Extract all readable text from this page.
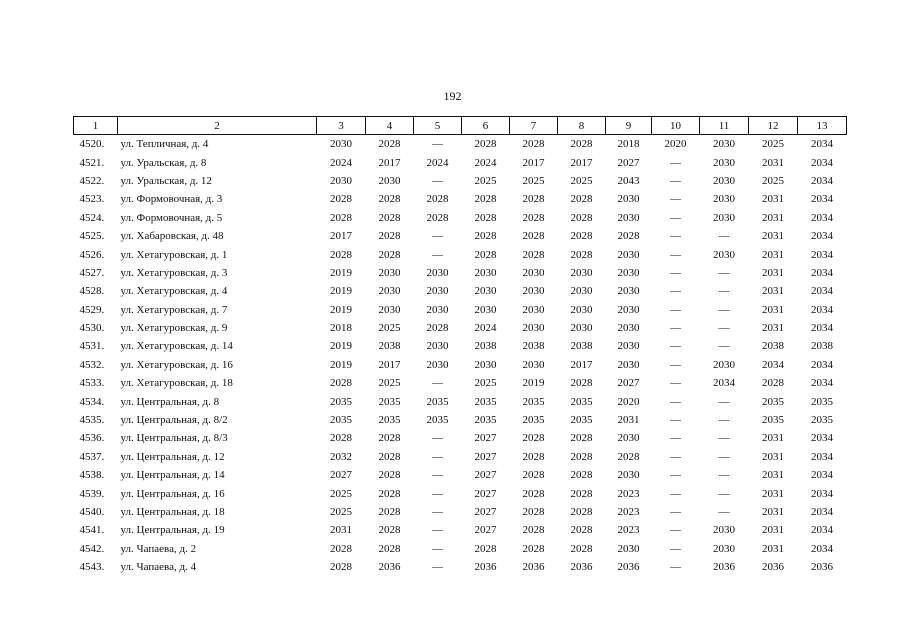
192
1	2	3	4	5	6	7	8	9	10	11	12	13
4520.	ул. Тепличная, д. 4	2030	2028	—	2028	2028	2028	2018	2020	2030	2025	2034
4521.	ул. Уральская, д. 8	2024	2017	2024	2024	2017	2017	2027	—	2030	2031	2034
4522.	ул. Уральская, д. 12	2030	2030	—	2025	2025	2025	2043	—	2030	2025	2034
4523.	ул. Формовочная, д. 3	2028	2028	2028	2028	2028	2028	2030	—	2030	2031	2034
4524.	ул. Формовочная, д. 5	2028	2028	2028	2028	2028	2028	2030	—	2030	2031	2034
4525.	ул. Хабаровская, д. 48	2017	2028	—	2028	2028	2028	2028	—	—	2031	2034
4526.	ул. Хетагуровская, д. 1	2028	2028	—	2028	2028	2028	2030	—	2030	2031	2034
4527.	ул. Хетагуровская, д. 3	2019	2030	2030	2030	2030	2030	2030	—	—	2031	2034
4528.	ул. Хетагуровская, д. 4	2019	2030	2030	2030	2030	2030	2030	—	—	2031	2034
4529.	ул. Хетагуровская, д. 7	2019	2030	2030	2030	2030	2030	2030	—	—	2031	2034
4530.	ул. Хетагуровская, д. 9	2018	2025	2028	2024	2030	2030	2030	—	—	2031	2034
4531.	ул. Хетагуровская, д. 14	2019	2038	2030	2038	2038	2038	2030	—	—	2038	2038
4532.	ул. Хетагуровская, д. 16	2019	2017	2030	2030	2030	2017	2030	—	2030	2034	2034
4533.	ул. Хетагуровская, д. 18	2028	2025	—	2025	2019	2028	2027	—	2034	2028	2034
4534.	ул. Центральная, д. 8	2035	2035	2035	2035	2035	2035	2020	—	—	2035	2035
4535.	ул. Центральная, д. 8/2	2035	2035	2035	2035	2035	2035	2031	—	—	2035	2035
4536.	ул. Центральная, д. 8/3	2028	2028	—	2027	2028	2028	2030	—	—	2031	2034
4537.	ул. Центральная, д. 12	2032	2028	—	2027	2028	2028	2028	—	—	2031	2034
4538.	ул. Центральная, д. 14	2027	2028	—	2027	2028	2028	2030	—	—	2031	2034
4539.	ул. Центральная, д. 16	2025	2028	—	2027	2028	2028	2023	—	—	2031	2034
4540.	ул. Центральная, д. 18	2025	2028	—	2027	2028	2028	2023	—	—	2031	2034
4541.	ул. Центральная, д. 19	2031	2028	—	2027	2028	2028	2023	—	2030	2031	2034
4542.	ул. Чапаева, д. 2	2028	2028	—	2028	2028	2028	2030	—	2030	2031	2034
4543.	ул. Чапаева, д. 4	2028	2036	—	2036	2036	2036	2036	—	2036	2036	2036
